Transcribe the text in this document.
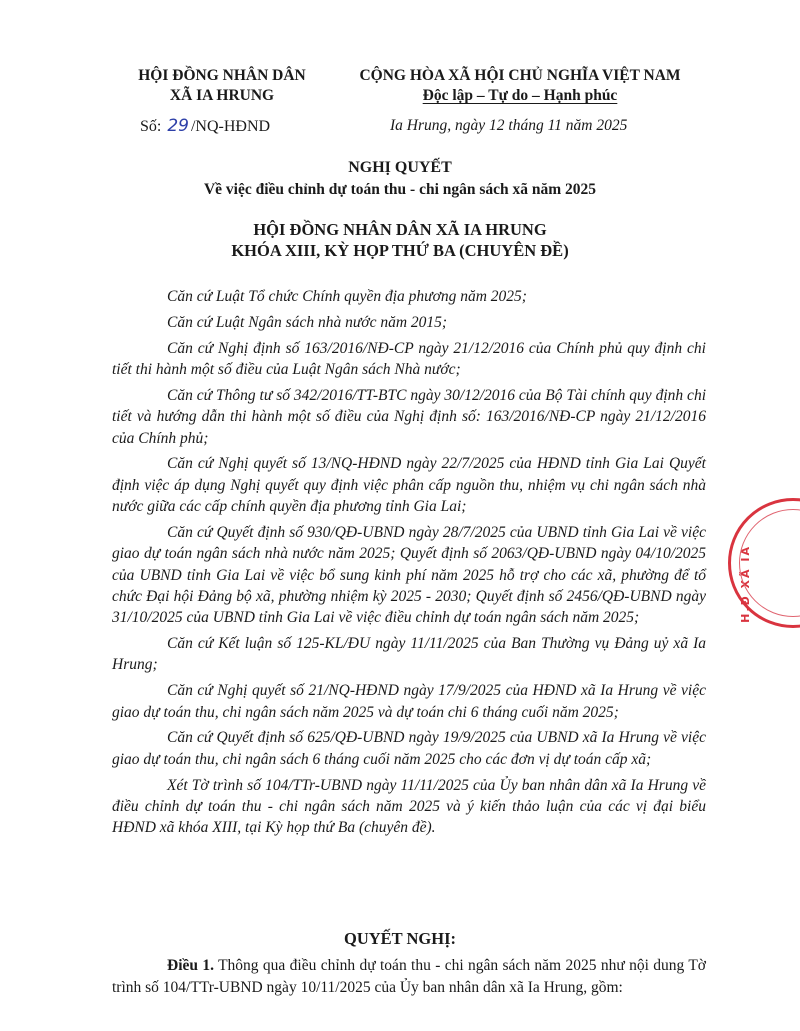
HỘI ĐỒNG NHÂN DÂN
XÃ IA HRUNG
CỘNG HÒA XÃ HỘI CHỦ NGHĨA VIỆT NAM
Độc lập – Tự do – Hạnh phúc
Số: 29 /NQ-HĐND	Ia Hrung, ngày 12 tháng 11 năm 2025
NGHỊ QUYẾT
Về việc điều chỉnh dự toán thu - chi ngân sách xã năm 2025
HỘI ĐỒNG NHÂN DÂN XÃ IA HRUNG
KHÓA XIII, KỲ HỌP THỨ BA (CHUYÊN ĐỀ)

Căn cứ Luật Tổ chức Chính quyền địa phương năm 2025;

Căn cứ Luật Ngân sách nhà nước năm 2015;

Căn cứ Nghị định số 163/2016/NĐ-CP ngày 21/12/2016 của Chính phủ quy định chi tiết thi hành một số điều của Luật Ngân sách Nhà nước;

Căn cứ Thông tư số 342/2016/TT-BTC ngày 30/12/2016 của Bộ Tài chính quy định chi tiết và hướng dẫn thi hành một số điều của Nghị định số: 163/2016/NĐ-CP ngày 21/12/2016 của Chính phủ;

Căn cứ Nghị quyết số 13/NQ-HĐND ngày 22/7/2025 của HĐND tỉnh Gia Lai Quyết định việc áp dụng Nghị quyết quy định việc phân cấp nguồn thu, nhiệm vụ chi ngân sách nhà nước giữa các cấp chính quyền địa phương tỉnh Gia Lai;

Căn cứ Quyết định số 930/QĐ-UBND ngày 28/7/2025 của UBND tỉnh Gia Lai về việc giao dự toán ngân sách nhà nước năm 2025; Quyết định số 2063/QĐ-UBND ngày 04/10/2025 của UBND tỉnh Gia Lai về việc bổ sung kinh phí năm 2025 hỗ trợ cho các xã, phường để tổ chức Đại hội Đảng bộ xã, phường nhiệm kỳ 2025 - 2030; Quyết định số 2456/QĐ-UBND ngày 31/10/2025 của UBND tỉnh Gia Lai về việc điều chỉnh dự toán ngân sách năm 2025;

Căn cứ Kết luận số 125-KL/ĐU ngày 11/11/2025 của Ban Thường vụ Đảng uỷ xã Ia Hrung;

Căn cứ Nghị quyết số 21/NQ-HĐND ngày 17/9/2025 của HĐND xã Ia Hrung về việc giao dự toán thu, chi ngân sách năm 2025 và dự toán chi 6 tháng cuối năm 2025;

Căn cứ Quyết định số 625/QĐ-UBND ngày 19/9/2025 của UBND xã Ia Hrung về việc giao dự toán thu, chi ngân sách 6 tháng cuối năm 2025 cho các đơn vị dự toán cấp xã;

Xét Tờ trình số 104/TTr-UBND ngày 11/11/2025 của Ủy ban nhân dân xã Ia Hrung về điều chỉnh dự toán thu - chi ngân sách năm 2025 và ý kiến thảo luận của các vị đại biểu HĐND xã khóa XIII, tại Kỳ họp thứ Ba (chuyên đề).

QUYẾT NGHỊ:
Điều 1. Thông qua điều chỉnh dự toán thu - chi ngân sách năm 2025 như nội dung Tờ trình số 104/TTr-UBND ngày 10/11/2025 của Ủy ban nhân dân xã Ia Hrung, gồm:
H.Đ XÃ IA
